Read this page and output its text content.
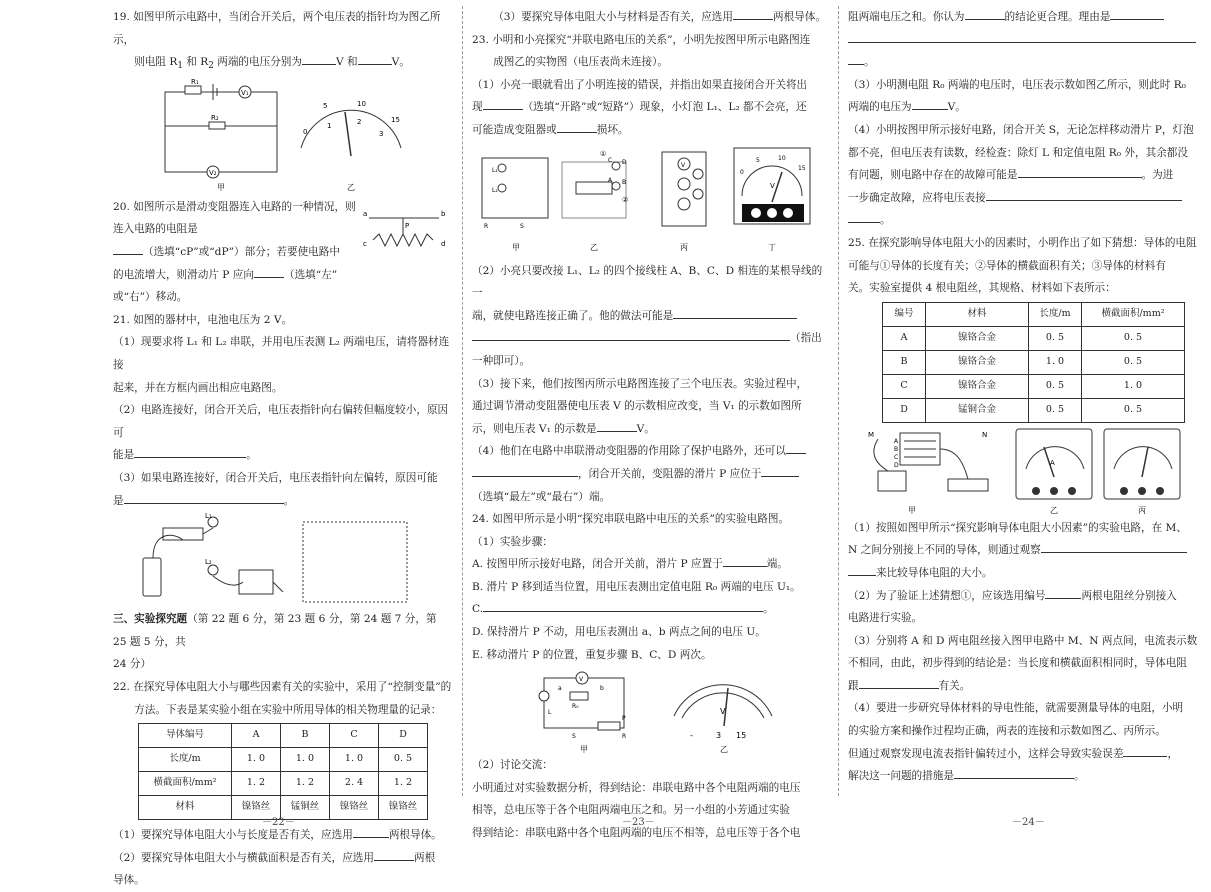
19. 如图甲所示电路中，当闭合开关后，两个电压表的指针均为图乙所示，

则电阻 $R_1$ 和 $R_2$ 两端的电压分别为	V 和	V。

R₁
R₂
V₁
V₂
0
5	10
15
1	2
3
甲	乙

20. 如图所示是滑动变阻器连入电路的一种情况，则连入电路的电阻是

（选填“cP”或“dP”）部分；若要使电路中

的电流增大，则滑动片 P 应向	（选填“左”

或“右”）移动。

a	b
c	d
P

21. 如图的器材中，电池电压为 2 V。

（1）现要求将 L₁ 和 L₂ 串联，并用电压表测 L₂ 两端电压，请将器材连接

起来，并在方框内画出相应电路图。

（2）电路连接好，闭合开关后，电压表指针向右偏转但幅度较小，原因可

能是	。

（3）如果电路连接好，闭合开关后，电压表指针向左偏转，原因可能

是	。

L₁
L₂

三、实验探究题（第 22 题 6 分，第 23 题 6 分，第 24 题 7 分，第 25 题 5 分，共

24 分）

22. 在探究导体电阻大小与哪些因素有关的实验中，采用了“控制变量”的

方法。下表是某实验小组在实验中所用导体的相关物理量的记录：

导体编号	A	B	C	D
长度/m	1. 0	1. 0	1. 0	0. 5
横截面积/mm²	1. 2	1. 2	2. 4	1. 2
材料	镍铬丝	锰铜丝	镍铬丝	镍铬丝

（1）要探究导体电阻大小与长度是否有关，应选用	两根导体。

（2）要探究导体电阻大小与横截面积是否有关，应选用	两根

导体。

－22－

（3）要探究导体电阻大小与材料是否有关，应选用	两根导体。

23. 小明和小亮探究“并联电路电压的关系”，小明先按图甲所示电路图连

成图乙的实物图（电压表尚未连接）。

（1）小亮一眼就看出了小明连接的错误，并指出如果直接闭合开关将出

现	（选填“开路”或“短路”）现象，小灯泡 L₁、L₂ 都不会亮，还

可能造成变阻器或	损坏。

L₁
L₂
R	S
①
②
C D
A B
V
V
0
5	10
15
甲	乙	丙	丁

（2）小亮只要改接 L₁、L₂ 的四个接线柱 A、B、C、D 相连的某根导线的一

端，就使电路连接正确了。他的做法可能是

（指出

一种即可）。

（3）接下来，他们按图丙所示电路图连接了三个电压表。实验过程中，

通过调节滑动变阻器使电压表 V 的示数相应改变，当 V₁ 的示数如图所

示，则电压表 V₁ 的示数是	V。

（4）他们在电路中串联滑动变阻器的作用除了保护电路外，还可以

，闭合开关前，变阻器的滑片 P 应位于

（选填“最左”或“最右”）端。

24. 如图甲所示是小明“探究串联电路中电压的关系”的实验电路图。

（1）实验步骤：

A. 按图甲所示接好电路，闭合开关前，滑片 P 应置于	端。

B. 滑片 P 移到适当位置，用电压表测出定值电阻 R₀ 两端的电压 U₁。

C.	。

D. 保持滑片 P 不动，用电压表测出 a、b 两点之间的电压 U。

E. 移动滑片 P 的位置，重复步骤 B、C、D 两次。

V
R₀
L
S
P
R
a	b
V
-	3 15
甲	乙

（2）讨论交流：

小明通过对实验数据分析，得到结论：串联电路中各个电阻两端的电压

相等，总电压等于各个电阻两端电压之和。另一小组的小芳通过实验

得到结论：串联电路中各个电阻两端的电压不相等，总电压等于各个电

－23－

阻两端电压之和。你认为	的结论更合理。理由是

。

（3）小明测电阻 R₀ 两端的电压时，电压表示数如图乙所示，则此时 R₀

两端的电压为	V。

（4）小明按图甲所示接好电路，闭合开关 S，无论怎样移动滑片 P，灯泡

都不亮，但电压表有读数，经检查：除灯 L 和定值电阻 R₀ 外，其余都没

有问题，则电路中存在的故障可能是	。为进

一步确定故障，应将电压表接

。

25. 在探究影响导体电阻大小的因素时，小明作出了如下猜想：导体的电阻

可能与①导体的长度有关；②导体的横截面积有关；③导体的材料有

关。实验室提供 4 根电阻丝，其规格、材料如下表所示：

编号	材料	长度/m	横截面积/mm²
A	镍铬合金	0. 5	0. 5
B	镍铬合金	1. 0	0. 5
C	镍铬合金	0. 5	1. 0
D	锰铜合金	0. 5	0. 5
M	N
A
B
C
D	A
甲	乙	丙

（1）按照如图甲所示“探究影响导体电阻大小因素”的实验电路，在 M、

N 之间分别接上不同的导体，则通过观察

来比较导体电阻的大小。

（2）为了验证上述猜想①，应该选用编号	两根电阻丝分别接入

电路进行实验。

（3）分别将 A 和 D 两电阻丝接入图甲电路中 M、N 两点间，电流表示数

不相同，由此，初步得到的结论是：当长度和横截面积相同时，导体电阻

跟	有关。

（4）要进一步研究导体材料的导电性能，就需要测量导体的电阻，小明

的实验方案和操作过程均正确，两表的连接和示数如图乙、丙所示。

但通过观察发现电流表指针偏转过小，这样会导致实验误差	，

解决这一问题的措施是	。

－24－
